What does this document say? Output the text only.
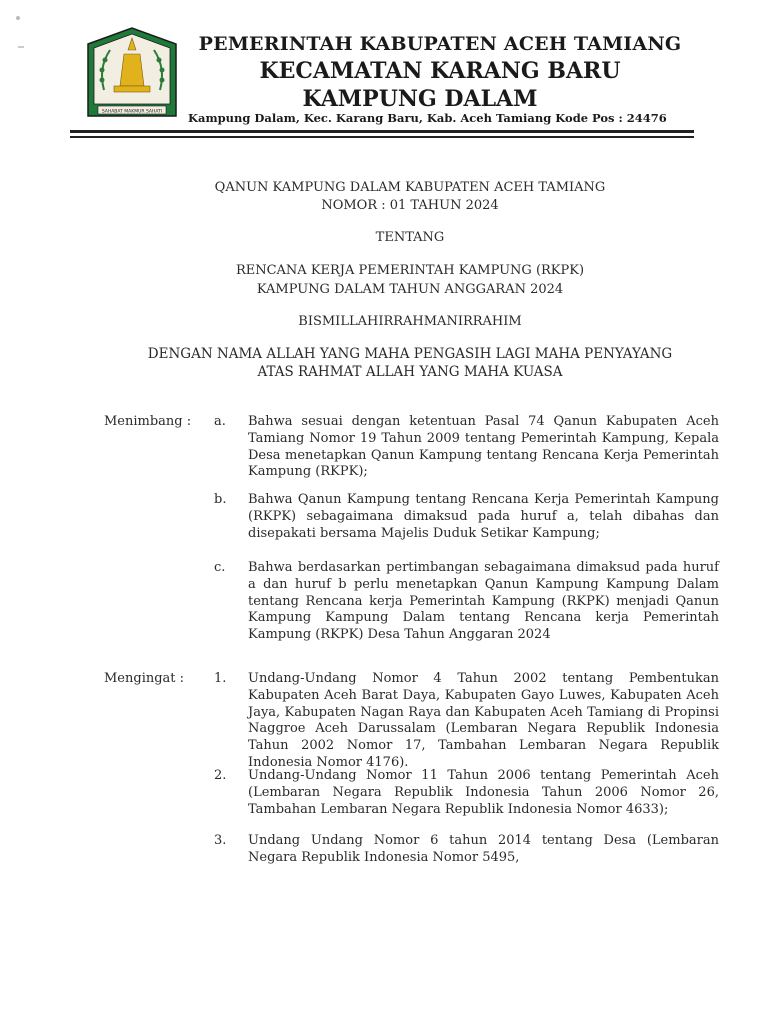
SAHABAT MAKMUR SAHATI
PEMERINTAH KABUPATEN ACEH TAMIANG
KECAMATAN KARANG BARU
KAMPUNG DALAM
Kampung Dalam, Kec. Karang Baru, Kab. Aceh Tamiang Kode Pos : 24476
QANUN KAMPUNG DALAM KABUPATEN ACEH TAMIANG
NOMOR : 01 TAHUN 2024
TENTANG
RENCANA KERJA PEMERINTAH KAMPUNG (RKPK)
KAMPUNG DALAM TAHUN ANGGARAN 2024
BISMILLAHIRRAHMANIRRAHIM
DENGAN NAMA ALLAH YANG MAHA PENGASIH LAGI MAHA PENYAYANG
ATAS RAHMAT ALLAH YANG MAHA KUASA
Menimbang : a.	Bahwa sesuai dengan ketentuan Pasal 74 Qanun Kabupaten Aceh Tamiang Nomor 19 Tahun 2009 tentang Pemerintah Kampung, Kepala Desa menetapkan Qanun Kampung tentang Rencana Kerja Pemerintah Kampung (RKPK);
b.	Bahwa Qanun Kampung tentang Rencana Kerja Pemerintah Kampung (RKPK) sebagaimana dimaksud pada huruf a, telah dibahas dan disepakati bersama Majelis Duduk Setikar Kampung;
c.	Bahwa berdasarkan pertimbangan sebagaimana dimaksud pada huruf a dan huruf b perlu menetapkan Qanun Kampung Kampung Dalam tentang Rencana kerja Pemerintah Kampung (RKPK) menjadi Qanun Kampung Kampung Dalam tentang Rencana kerja Pemerintah Kampung (RKPK) Desa Tahun Anggaran 2024
Mengingat : 1.	Undang-Undang Nomor 4 Tahun 2002 tentang Pembentukan Kabupaten Aceh Barat Daya, Kabupaten Gayo Luwes, Kabupaten Aceh Jaya, Kabupaten Nagan Raya dan Kabupaten Aceh Tamiang di Propinsi Naggroe Aceh Darussalam (Lembaran Negara Republik Indonesia Tahun 2002 Nomor 17, Tambahan Lembaran Negara Republik Indonesia Nomor 4176).
2.	Undang-Undang Nomor 11 Tahun 2006 tentang Pemerintah Aceh (Lembaran Negara Republik Indonesia Tahun 2006 Nomor 26, Tambahan Lembaran Negara Republik Indonesia Nomor 4633);
3.	Undang Undang Nomor 6 tahun 2014 tentang Desa (Lembaran Negara Republik Indonesia Nomor 5495,
